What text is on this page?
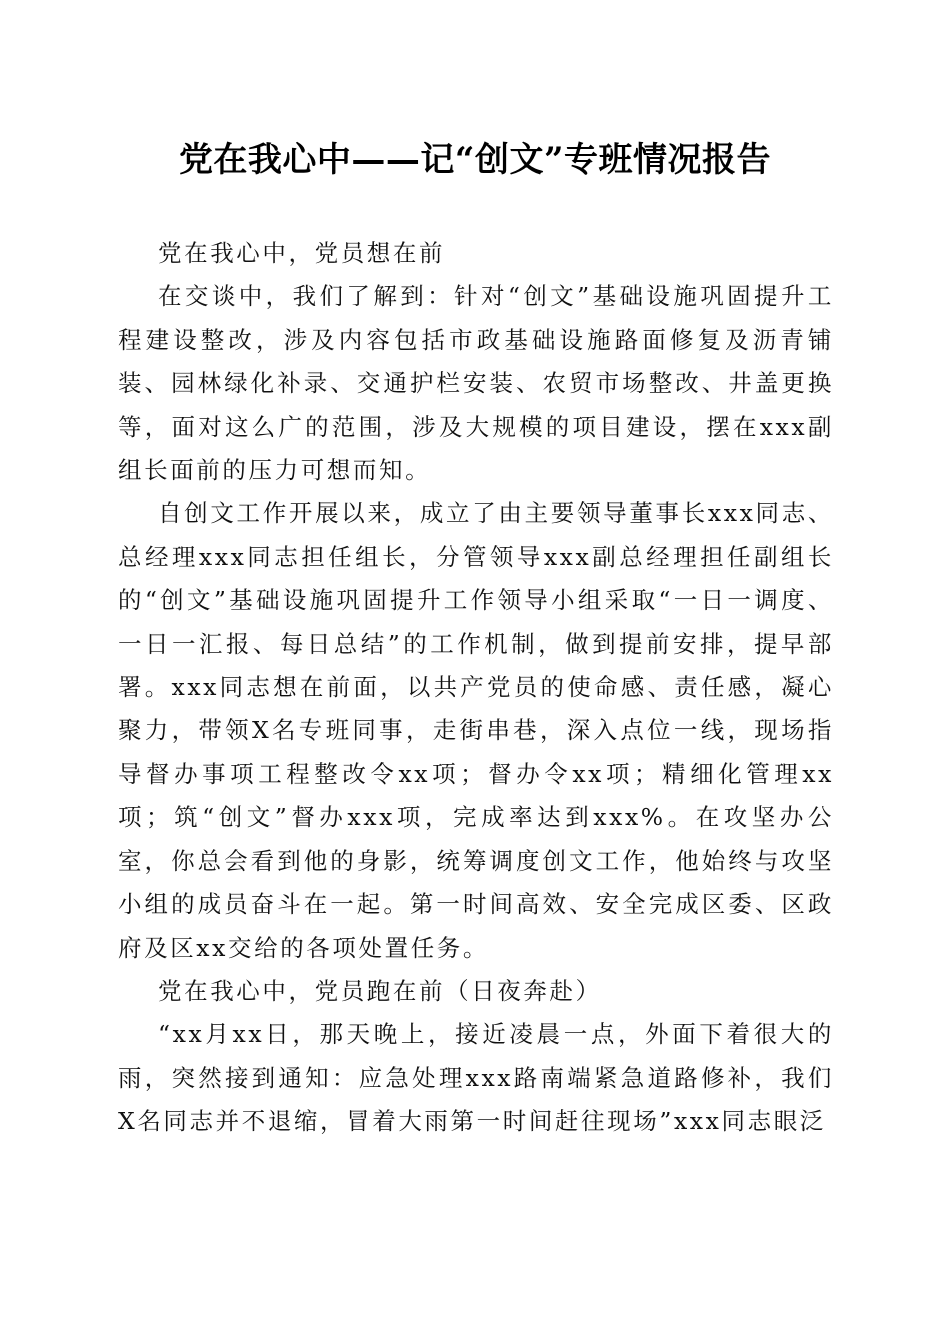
党在我心中——记“创文”专班情况报告

党在我心中，党员想在前

在交谈中，我们了解到：针对“创文”基础设施巩固提升工程建设整改，涉及内容包括市政基础设施路面修复及沥青铺装、园林绿化补录、交通护栏安装、农贸市场整改、井盖更换等，面对这么广的范围，涉及大规模的项目建设，摆在xxx副组长面前的压力可想而知。

自创文工作开展以来，成立了由主要领导董事长xxx同志、总经理xxx同志担任组长，分管领导xxx副总经理担任副组长的“创文”基础设施巩固提升工作领导小组采取“一日一调度、一日一汇报、每日总结”的工作机制，做到提前安排，提早部署。xxx同志想在前面，以共产党员的使命感、责任感，凝心聚力，带领X名专班同事，走街串巷，深入点位一线，现场指导督办事项工程整改令xx项；督办令xx项；精细化管理xx项；筑“创文”督办xxx项，完成率达到xxx%。在攻坚办公室，你总会看到他的身影，统筹调度创文工作，他始终与攻坚小组的成员奋斗在一起。第一时间高效、安全完成区委、区政府及区xx交给的各项处置任务。

党在我心中，党员跑在前（日夜奔赴）

“xx月xx日，那天晚上，接近凌晨一点，外面下着很大的雨，突然接到通知：应急处理xxx路南端紧急道路修补，我们X名同志并不退缩，冒着大雨第一时间赶往现场”xxx同志眼泛
